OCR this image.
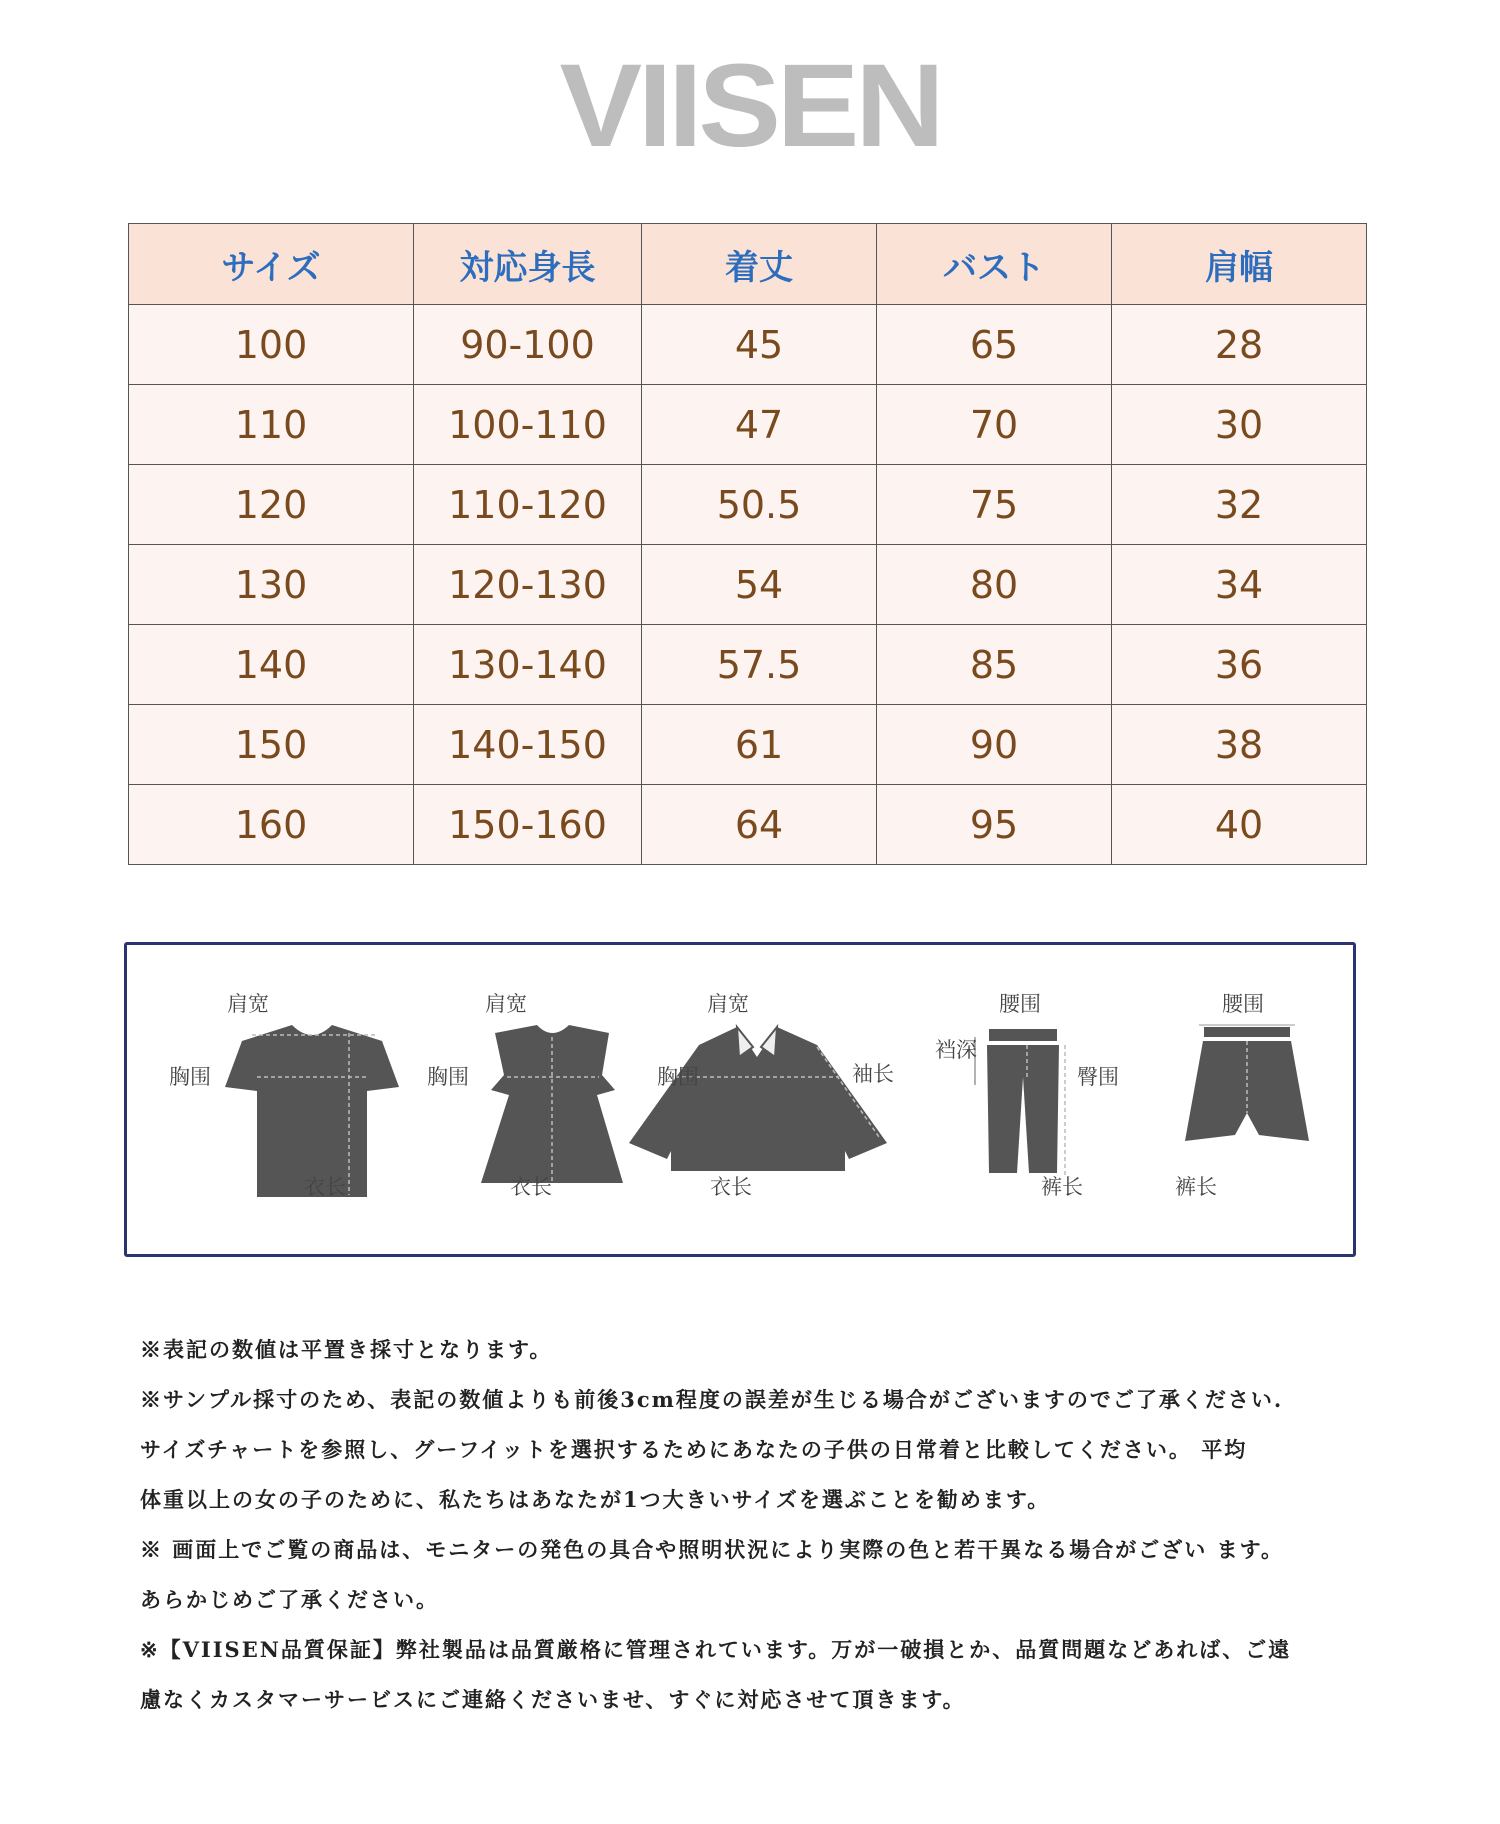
VIISEN
サイズ	対応身長	着丈	バスト	肩幅
100	90-100	45	65	28
110	100-110	47	70	30
120	110-120	50.5	75	32
130	120-130	54	80	34
140	130-140	57.5	85	36
150	140-150	61	90	38
160	150-160	64	95	40
肩宽
胸围
衣长
肩宽
胸围
衣长
肩宽
胸围	袖长
衣长
腰围
裆深
臀围
裤长
腰围
裤长
※表記の数値は平置き採寸となります。
※サンプル採寸のため、表記の数値よりも前後3cm程度の誤差が生じる場合がございますのでご了承ください.
サイズチャートを参照し、グーフイットを選択するためにあなたの子供の日常着と比較してください。 平均
体重以上の女の子のために、私たちはあなたが1つ大きいサイズを選ぶことを勧めます。
※ 画面上でご覧の商品は、モニターの発色の具合や照明状況により実際の色と若干異なる場合がござい ます。
あらかじめご了承ください。
※【VIISEN品質保証】弊社製品は品質厳格に管理されています。万が一破損とか、品質問題などあれば、ご遠
慮なくカスタマーサービスにご連絡くださいませ、すぐに対応させて頂きます。
